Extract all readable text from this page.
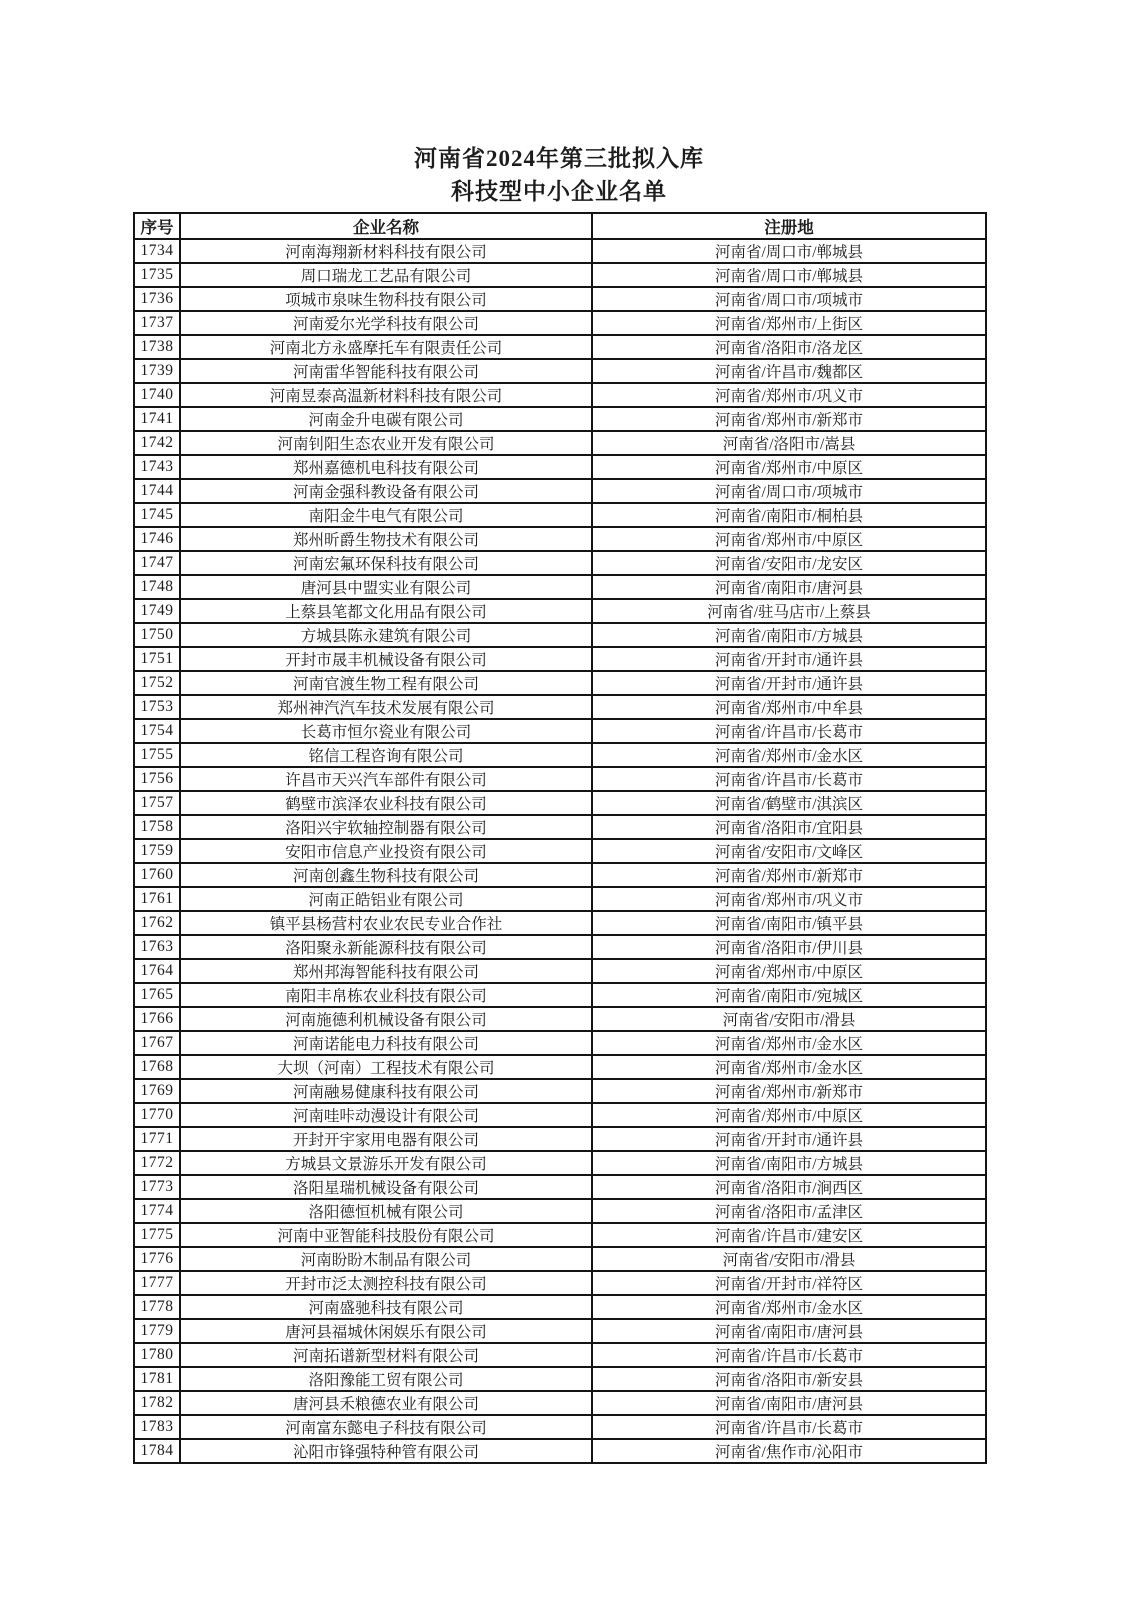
河南省2024年第三批拟入库
科技型中小企业名单
序号	企业名称	注册地
1734	河南海翔新材料科技有限公司	河南省/周口市/郸城县
1735	周口瑞龙工艺品有限公司	河南省/周口市/郸城县
1736	项城市泉味生物科技有限公司	河南省/周口市/项城市
1737	河南爱尔光学科技有限公司	河南省/郑州市/上街区
1738	河南北方永盛摩托车有限责任公司	河南省/洛阳市/洛龙区
1739	河南雷华智能科技有限公司	河南省/许昌市/魏都区
1740	河南昱泰高温新材料科技有限公司	河南省/郑州市/巩义市
1741	河南金升电碳有限公司	河南省/郑州市/新郑市
1742	河南钊阳生态农业开发有限公司	河南省/洛阳市/嵩县
1743	郑州嘉德机电科技有限公司	河南省/郑州市/中原区
1744	河南金强科教设备有限公司	河南省/周口市/项城市
1745	南阳金牛电气有限公司	河南省/南阳市/桐柏县
1746	郑州昕爵生物技术有限公司	河南省/郑州市/中原区
1747	河南宏氟环保科技有限公司	河南省/安阳市/龙安区
1748	唐河县中盟实业有限公司	河南省/南阳市/唐河县
1749	上蔡县笔都文化用品有限公司	河南省/驻马店市/上蔡县
1750	方城县陈永建筑有限公司	河南省/南阳市/方城县
1751	开封市晟丰机械设备有限公司	河南省/开封市/通许县
1752	河南官渡生物工程有限公司	河南省/开封市/通许县
1753	郑州神汽汽车技术发展有限公司	河南省/郑州市/中牟县
1754	长葛市恒尔瓷业有限公司	河南省/许昌市/长葛市
1755	铭信工程咨询有限公司	河南省/郑州市/金水区
1756	许昌市天兴汽车部件有限公司	河南省/许昌市/长葛市
1757	鹤壁市滨泽农业科技有限公司	河南省/鹤壁市/淇滨区
1758	洛阳兴宇软轴控制器有限公司	河南省/洛阳市/宜阳县
1759	安阳市信息产业投资有限公司	河南省/安阳市/文峰区
1760	河南创鑫生物科技有限公司	河南省/郑州市/新郑市
1761	河南正皓铝业有限公司	河南省/郑州市/巩义市
1762	镇平县杨营村农业农民专业合作社	河南省/南阳市/镇平县
1763	洛阳聚永新能源科技有限公司	河南省/洛阳市/伊川县
1764	郑州邦海智能科技有限公司	河南省/郑州市/中原区
1765	南阳丰帛栋农业科技有限公司	河南省/南阳市/宛城区
1766	河南施德利机械设备有限公司	河南省/安阳市/滑县
1767	河南诺能电力科技有限公司	河南省/郑州市/金水区
1768	大坝（河南）工程技术有限公司	河南省/郑州市/金水区
1769	河南融易健康科技有限公司	河南省/郑州市/新郑市
1770	河南哇咔动漫设计有限公司	河南省/郑州市/中原区
1771	开封开宇家用电器有限公司	河南省/开封市/通许县
1772	方城县文景游乐开发有限公司	河南省/南阳市/方城县
1773	洛阳星瑞机械设备有限公司	河南省/洛阳市/涧西区
1774	洛阳德恒机械有限公司	河南省/洛阳市/孟津区
1775	河南中亚智能科技股份有限公司	河南省/许昌市/建安区
1776	河南盼盼木制品有限公司	河南省/安阳市/滑县
1777	开封市泛太测控科技有限公司	河南省/开封市/祥符区
1778	河南盛驰科技有限公司	河南省/郑州市/金水区
1779	唐河县福城休闲娱乐有限公司	河南省/南阳市/唐河县
1780	河南拓谱新型材料有限公司	河南省/许昌市/长葛市
1781	洛阳豫能工贸有限公司	河南省/洛阳市/新安县
1782	唐河县禾粮德农业有限公司	河南省/南阳市/唐河县
1783	河南富东懿电子科技有限公司	河南省/许昌市/长葛市
1784	沁阳市锋强特种管有限公司	河南省/焦作市/沁阳市
